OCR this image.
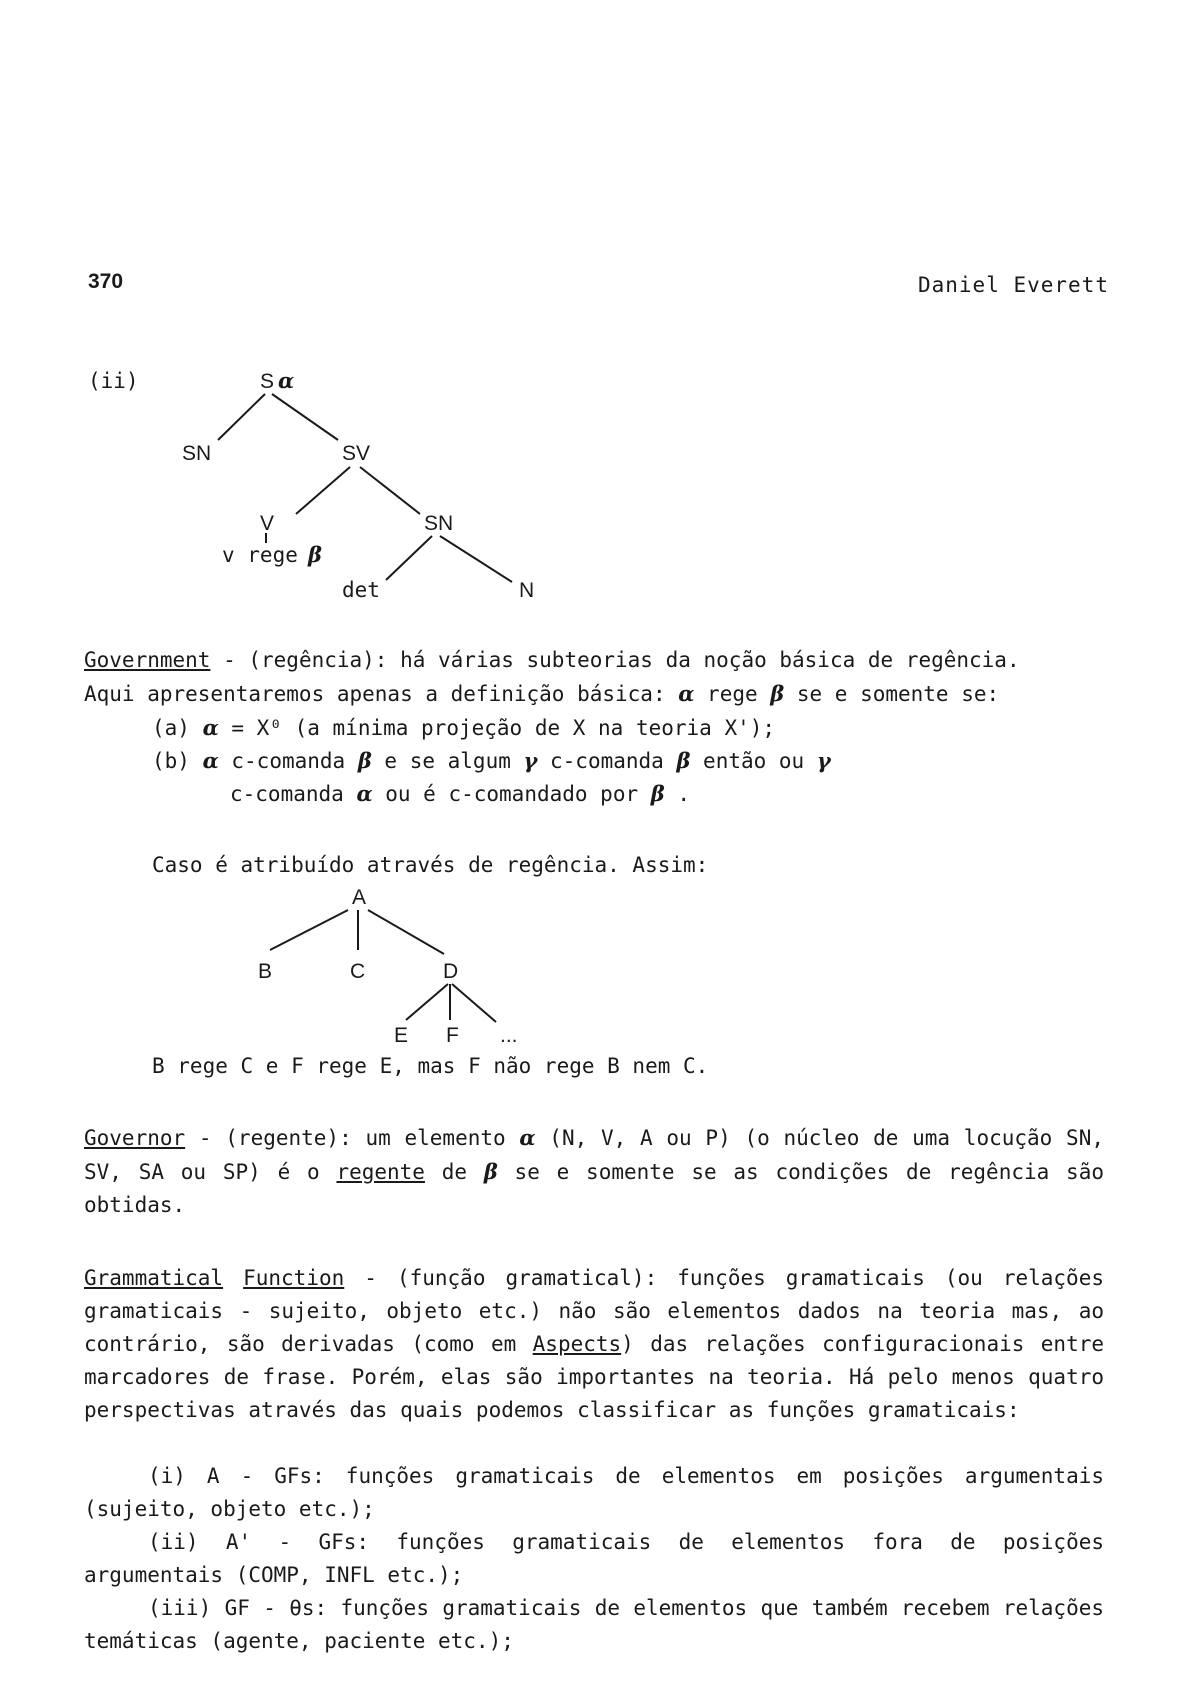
370	Daniel Everett
(ii)	S α
SN	SV
V	SN
v rege β
det	N
Government - (regência): há várias subteorias da noção básica de regência.
Aqui apresentaremos apenas a definição básica: α rege β se e somente se:
(a) α = X⁰ (a mínima projeção de X na teoria X');
(b) α c-comanda β e se algum γ c-comanda β então ou γ
c-comanda α ou é c-comandado por β .
Caso é atribuído através de regência. Assim:
A
B	C	D
E F ...
B rege C e F rege E, mas F não rege B nem C.
Governor - (regente): um elemento α (N, V, A ou P) (o núcleo de uma locução SN, SV, SA ou SP) é o regente de β se e somente se as condições de regência são obtidas.
Grammatical Function - (função gramatical): funções gramaticais (ou relações gramaticais - sujeito, objeto etc.) não são elementos dados na teoria mas, ao contrário, são derivadas (como em Aspects) das relações configuracionais entre marcadores de frase. Porém, elas são importantes na teoria. Há pelo menos quatro perspectivas através das quais podemos classificar as funções gramaticais:
(i) A - GFs: funções gramaticais de elementos em posições argumentais (sujeito, objeto etc.);
(ii) A' - GFs: funções gramaticais de elementos fora de posições argumentais (COMP, INFL etc.);
(iii) GF - θs: funções gramaticais de elementos que também recebem relações temáticas (agente, paciente etc.);
